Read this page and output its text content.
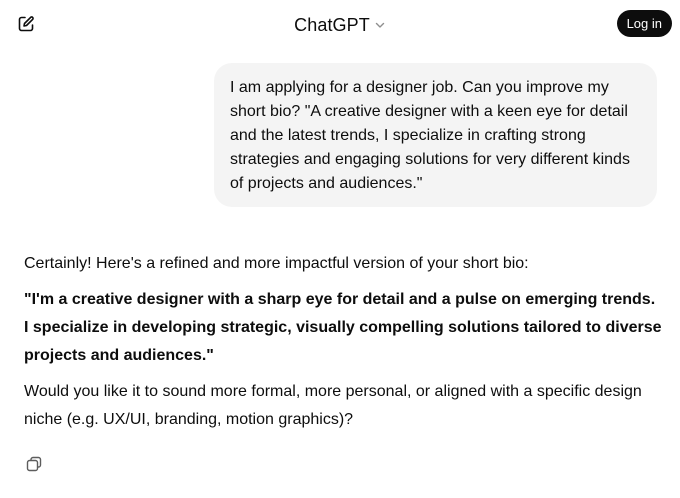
ChatGPT	Log in
I am applying for a designer job. Can you improve my short bio? "A creative designer with a keen eye for detail and the latest trends, I specialize in crafting strong strategies and engaging solutions for very different kinds of projects and audiences."

Certainly! Here's a refined and more impactful version of your short bio:

"I'm a creative designer with a sharp eye for detail and a pulse on emerging trends. I specialize in developing strategic, visually compelling solutions tailored to diverse projects and audiences."

Would you like it to sound more formal, more personal, or aligned with a specific design niche (e.g. UX/UI, branding, motion graphics)?
